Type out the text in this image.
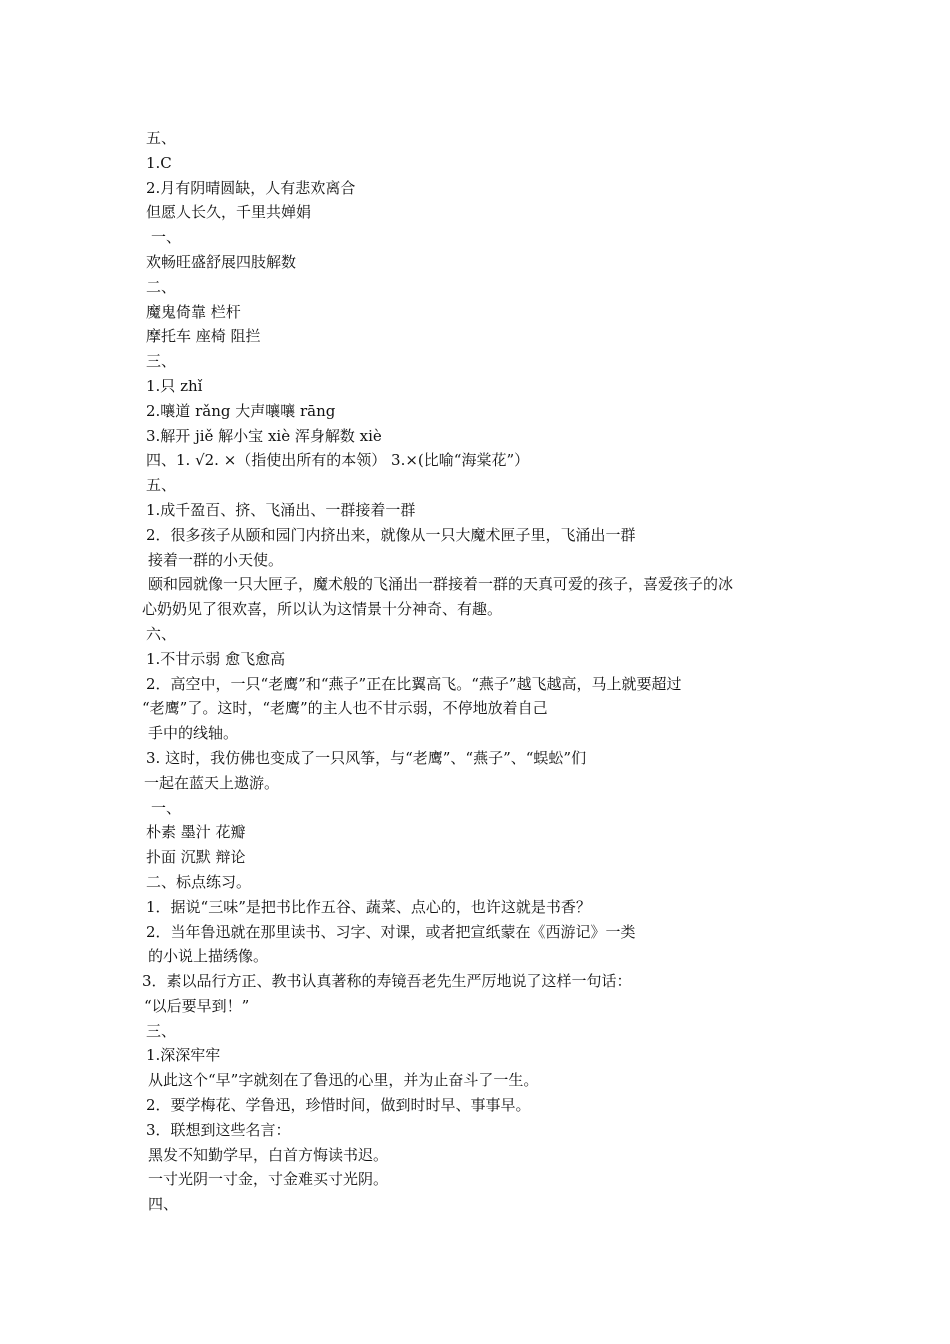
五、
1.C
2.月有阴晴圆缺，人有悲欢离合
但愿人长久，千里共婵娟
一、
欢畅旺盛舒展四肢解数
二、
魔鬼倚靠 栏杆
摩托车 座椅 阻拦
三、
1.只 zhǐ
2.嚷道 rǎng 大声嚷嚷 rāng
3.解开 jiě 解小宝 xiè 浑身解数 xiè
四、1. √2. ×（指使出所有的本领） 3.×(比喻“海棠花”）
五、
1.成千盈百、挤、飞涌出、一群接着一群
2．很多孩子从颐和园门内挤出来，就像从一只大魔术匣子里，飞涌出一群
接着一群的小天使。
颐和园就像一只大匣子，魔术般的飞涌出一群接着一群的天真可爱的孩子，喜爱孩子的冰
心奶奶见了很欢喜，所以认为这情景十分神奇、有趣。
六、
1.不甘示弱 愈飞愈高
2．高空中，一只“老鹰”和“燕子”正在比翼高飞。“燕子”越飞越高，马上就要超过
“老鹰”了。这时，“老鹰”的主人也不甘示弱，不停地放着自己
手中的线轴。
3. 这时，我仿佛也变成了一只风筝，与“老鹰”、“燕子”、“蜈蚣”们
一起在蓝天上遨游。
一、
朴素 墨汁 花瓣
扑面 沉默 辩论
二、标点练习。
1．据说“三味”是把书比作五谷、蔬菜、点心的，也许这就是书香？
2．当年鲁迅就在那里读书、习字、对课，或者把宣纸蒙在《西游记》一类
的小说上描绣像。
3．素以品行方正、教书认真著称的寿镜吾老先生严厉地说了这样一句话：
“以后要早到！”
三、
1.深深牢牢
从此这个“早”字就刻在了鲁迅的心里，并为止奋斗了一生。
2．要学梅花、学鲁迅，珍惜时间，做到时时早、事事早。
3．联想到这些名言：
黑发不知勤学早，白首方悔读书迟。
一寸光阴一寸金，寸金难买寸光阴。
四、
